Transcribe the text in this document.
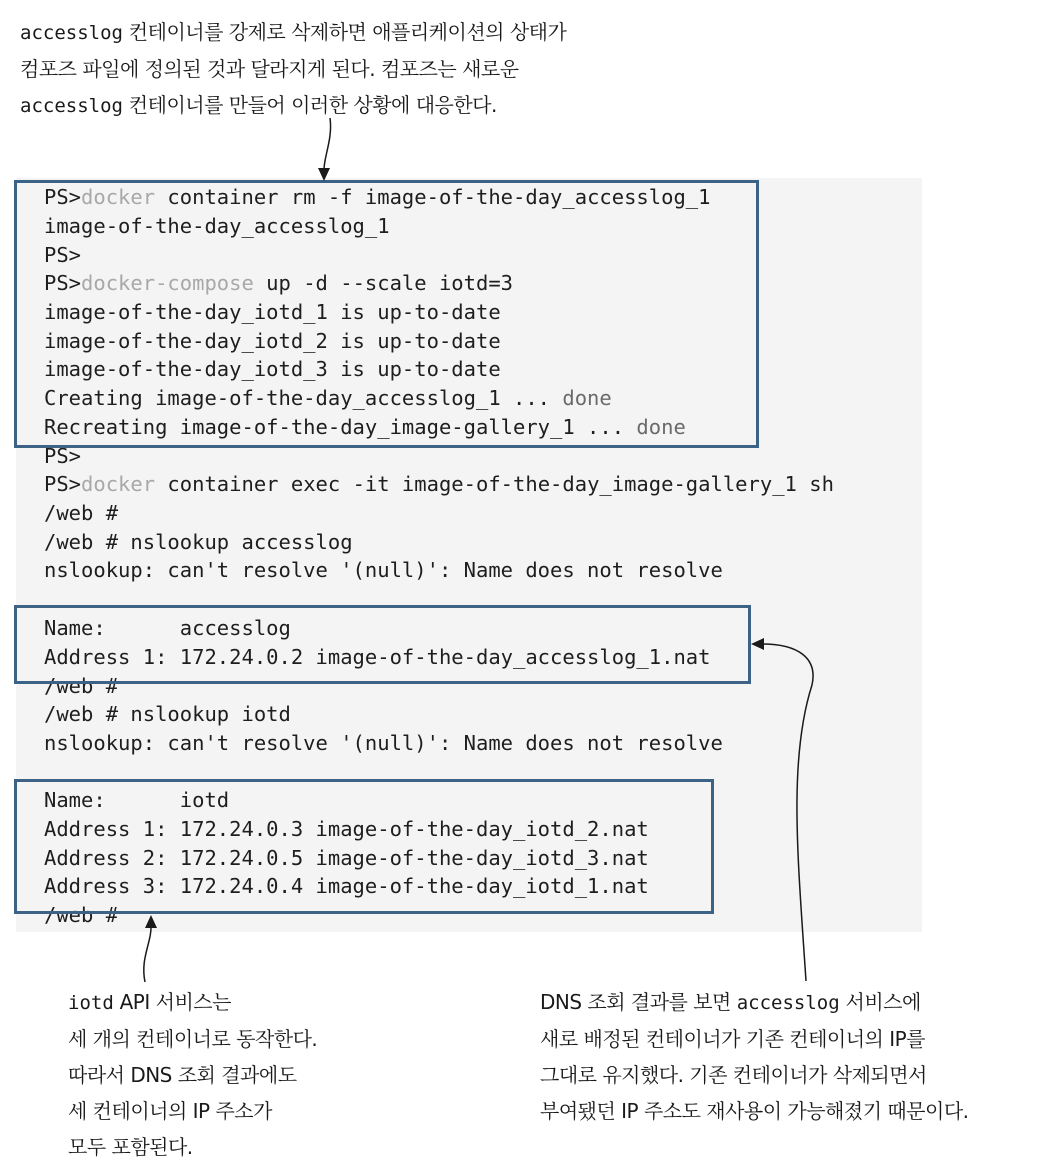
accesslog 컨테이너를 강제로 삭제하면 애플리케이션의 상태가
컴포즈 파일에 정의된 것과 달라지게 된다. 컴포즈는 새로운
accesslog 컨테이너를 만들어 이러한 상황에 대응한다.
PS>docker container rm -f image-of-the-day_accesslog_1
image-of-the-day_accesslog_1
PS>
PS>docker-compose up -d --scale iotd=3
image-of-the-day_iotd_1 is up-to-date
image-of-the-day_iotd_2 is up-to-date
image-of-the-day_iotd_3 is up-to-date
Creating image-of-the-day_accesslog_1 ... done
Recreating image-of-the-day_image-gallery_1 ... done
PS>
PS>docker container exec -it image-of-the-day_image-gallery_1 sh
/web #
/web # nslookup accesslog
nslookup: can't resolve '(null)': Name does not resolve
Name:      accesslog
Address 1: 172.24.0.2 image-of-the-day_accesslog_1.nat
/web #
/web # nslookup iotd
nslookup: can't resolve '(null)': Name does not resolve
Name:      iotd
Address 1: 172.24.0.3 image-of-the-day_iotd_2.nat
Address 2: 172.24.0.5 image-of-the-day_iotd_3.nat
Address 3: 172.24.0.4 image-of-the-day_iotd_1.nat
/web #
iotd API 서비스는
세 개의 컨테이너로 동작한다.
따라서 DNS 조회 결과에도
세 컨테이너의 IP 주소가
모두 포함된다.
DNS 조회 결과를 보면 accesslog 서비스에
새로 배정된 컨테이너가 기존 컨테이너의 IP를
그대로 유지했다. 기존 컨테이너가 삭제되면서
부여됐던 IP 주소도 재사용이 가능해졌기 때문이다.
